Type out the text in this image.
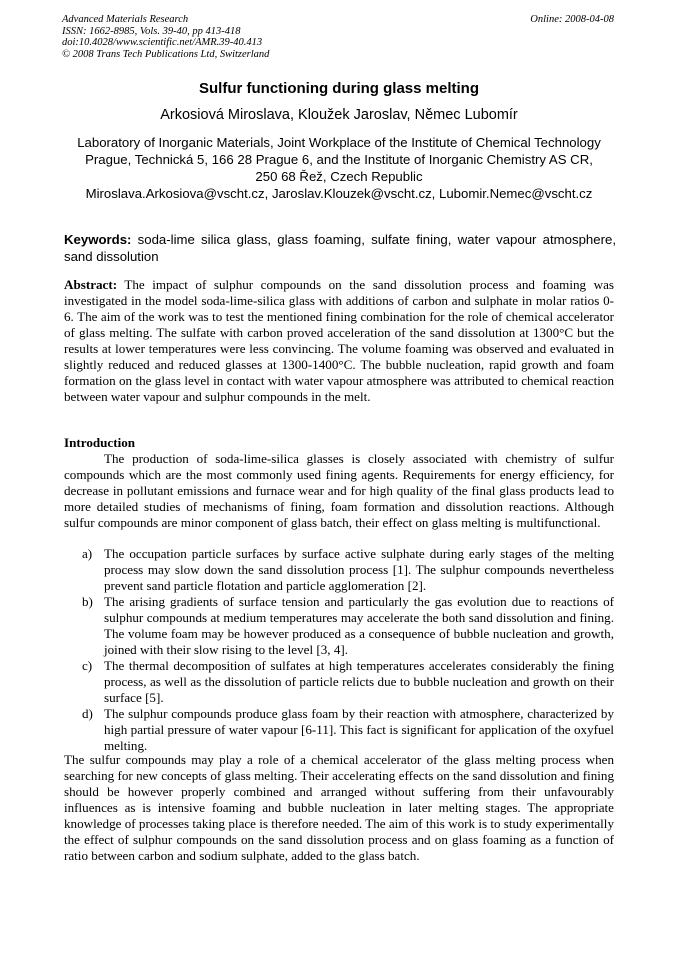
Advanced Materials Research
ISSN: 1662-8985, Vols. 39-40, pp 413-418
doi:10.4028/www.scientific.net/AMR.39-40.413
© 2008 Trans Tech Publications Ltd, Switzerland
Online: 2008-04-08
Sulfur functioning during glass melting
Arkosiová Miroslava, Kloužek Jaroslav, Němec Lubomír
Laboratory of Inorganic Materials, Joint Workplace of the Institute of Chemical Technology
Prague, Technická 5, 166 28 Prague 6, and the Institute of Inorganic Chemistry AS CR,
250 68 Řež, Czech Republic
Miroslava.Arkosiova@vscht.cz, Jaroslav.Klouzek@vscht.cz, Lubomir.Nemec@vscht.cz
Keywords: soda-lime silica glass, glass foaming, sulfate fining, water vapour atmosphere, sand dissolution
Abstract: The impact of sulphur compounds on the sand dissolution process and foaming was investigated in the model soda-lime-silica glass with additions of carbon and sulphate in molar ratios 0-6. The aim of the work was to test the mentioned fining combination for the role of chemical accelerator of glass melting. The sulfate with carbon proved acceleration of the sand dissolution at 1300°C but the results at lower temperatures were less convincing. The volume foaming was observed and evaluated in slightly reduced and reduced glasses at 1300-1400°C. The bubble nucleation, rapid growth and foam formation on the glass level in contact with water vapour atmosphere was attributed to chemical reaction between water vapour and sulphur compounds in the melt.
Introduction
The production of soda-lime-silica glasses is closely associated with chemistry of sulfur compounds which are the most commonly used fining agents. Requirements for energy efficiency, for decrease in pollutant emissions and furnace wear and for high quality of the final glass products lead to more detailed studies of mechanisms of fining, foam formation and dissolution reactions. Although sulfur compounds are minor component of glass batch, their effect on glass melting is multifunctional.
a) The occupation particle surfaces by surface active sulphate during early stages of the melting process may slow down the sand dissolution process [1]. The sulphur compounds nevertheless prevent sand particle flotation and particle agglomeration [2].
b) The arising gradients of surface tension and particularly the gas evolution due to reactions of sulphur compounds at medium temperatures may accelerate the both sand dissolution and fining. The volume foam may be however produced as a consequence of bubble nucleation and growth, joined with their slow rising to the level [3, 4].
c) The thermal decomposition of sulfates at high temperatures accelerates considerably the fining process, as well as the dissolution of particle relicts due to bubble nucleation and growth on their surface [5].
d) The sulphur compounds produce glass foam by their reaction with atmosphere, characterized by high partial pressure of water vapour [6-11]. This fact is significant for application of the oxyfuel melting.
The sulfur compounds may play a role of a chemical accelerator of the glass melting process when searching for new concepts of glass melting. Their accelerating effects on the sand dissolution and fining should be however properly combined and arranged without suffering from their unfavourably influences as is intensive foaming and bubble nucleation in later melting stages. The appropriate knowledge of processes taking place is therefore needed. The aim of this work is to study experimentally the effect of sulphur compounds on the sand dissolution process and on glass foaming as a function of ratio between carbon and sodium sulphate, added to the glass batch.
